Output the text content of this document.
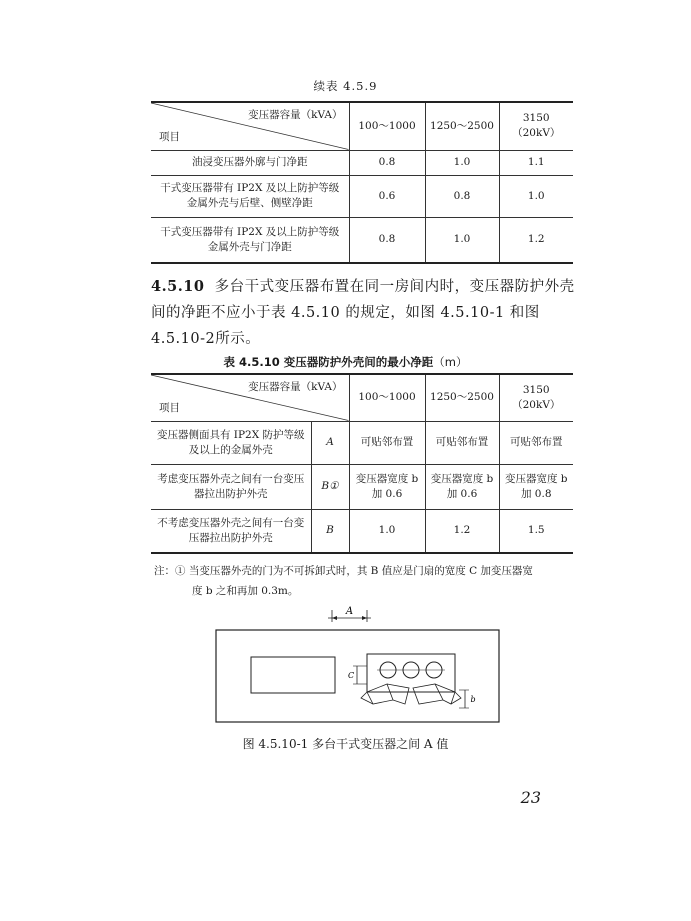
续表 4.5.9
变压器容量（kVA）
项目	100～1000	1250～2500	3150（20kV）
油浸变压器外廓与门净距	0.8	1.0	1.1
干式变压器带有 IP2X 及以上防护等级金属外壳与后壁、侧壁净距	0.6	0.8	1.0
干式变压器带有 IP2X 及以上防护等级金属外壳与门净距	0.8	1.0	1.2
4.5.10 多台干式变压器布置在同一房间内时，变压器防护外壳间的净距不应小于表 4.5.10 的规定，如图 4.5.10-1 和图 4.5.10-2所示。
表 4.5.10 变压器防护外壳间的最小净距（m）
变压器容量（kVA）
项目		100～1000	1250～2500	3150（20kV）
变压器侧面具有 IP2X 防护等级及以上的金属外壳	A	可贴邻布置	可贴邻布置	可贴邻布置
考虑变压器外壳之间有一台变压器拉出防护外壳	B①	变压器宽度 b 加 0.6	变压器宽度 b 加 0.6	变压器宽度 b 加 0.8
不考虑变压器外壳之间有一台变压器拉出防护外壳	B	1.0	1.2	1.5
注：① 当变压器外壳的门为不可拆卸式时，其 B 值应是门扇的宽度 C 加变压器宽
度 b 之和再加 0.3m。
A
C
b
图 4.5.10-1 多台干式变压器之间 A 值
23
